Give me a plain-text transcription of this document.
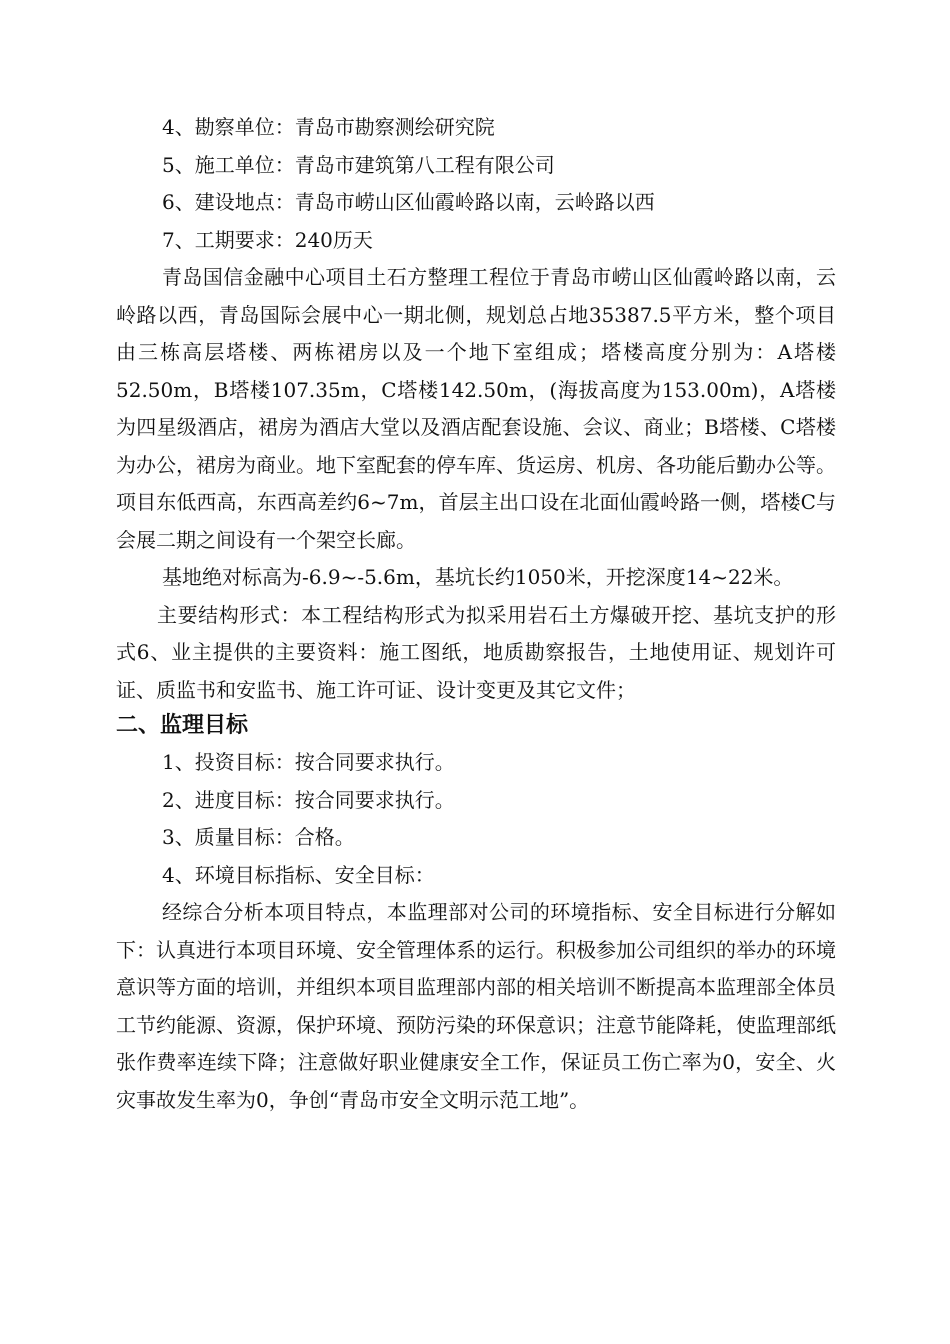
4、勘察单位：青岛市勘察测绘研究院

5、施工单位：青岛市建筑第八工程有限公司

6、建设地点：青岛市崂山区仙霞岭路以南，云岭路以西

7、工期要求：240历天

青岛国信金融中心项目土石方整理工程位于青岛市崂山区仙霞岭路以南，云岭路以西，青岛国际会展中心一期北侧，规划总占地35387.5平方米，整个项目由三栋高层塔楼、两栋裙房以及一个地下室组成；塔楼高度分别为：A塔楼52.50m，B塔楼107.35m，C塔楼142.50m，(海拔高度为153.00m)，A塔楼为四星级酒店，裙房为酒店大堂以及酒店配套设施、会议、商业；B塔楼、C塔楼为办公，裙房为商业。地下室配套的停车库、货运房、机房、各功能后勤办公等。项目东低西高，东西高差约6~7m，首层主出口设在北面仙霞岭路一侧，塔楼C与会展二期之间设有一个架空长廊。

基地绝对标高为-6.9~-5.6m，基坑长约1050米，开挖深度14~22米。

主要结构形式：本工程结构形式为拟采用岩石土方爆破开挖、基坑支护的形式6、业主提供的主要资料：施工图纸，地质勘察报告，土地使用证、规划许可证、质监书和安监书、施工许可证、设计变更及其它文件；

二、监理目标

1、投资目标：按合同要求执行。

2、进度目标：按合同要求执行。

3、质量目标：合格。

4、环境目标指标、安全目标：

经综合分析本项目特点，本监理部对公司的环境指标、安全目标进行分解如下：认真进行本项目环境、安全管理体系的运行。积极参加公司组织的举办的环境意识等方面的培训，并组织本项目监理部内部的相关培训不断提高本监理部全体员工节约能源、资源，保护环境、预防污染的环保意识；注意节能降耗，使监理部纸张作费率连续下降；注意做好职业健康安全工作，保证员工伤亡率为0，安全、火灾事故发生率为0，争创“青岛市安全文明示范工地”。
